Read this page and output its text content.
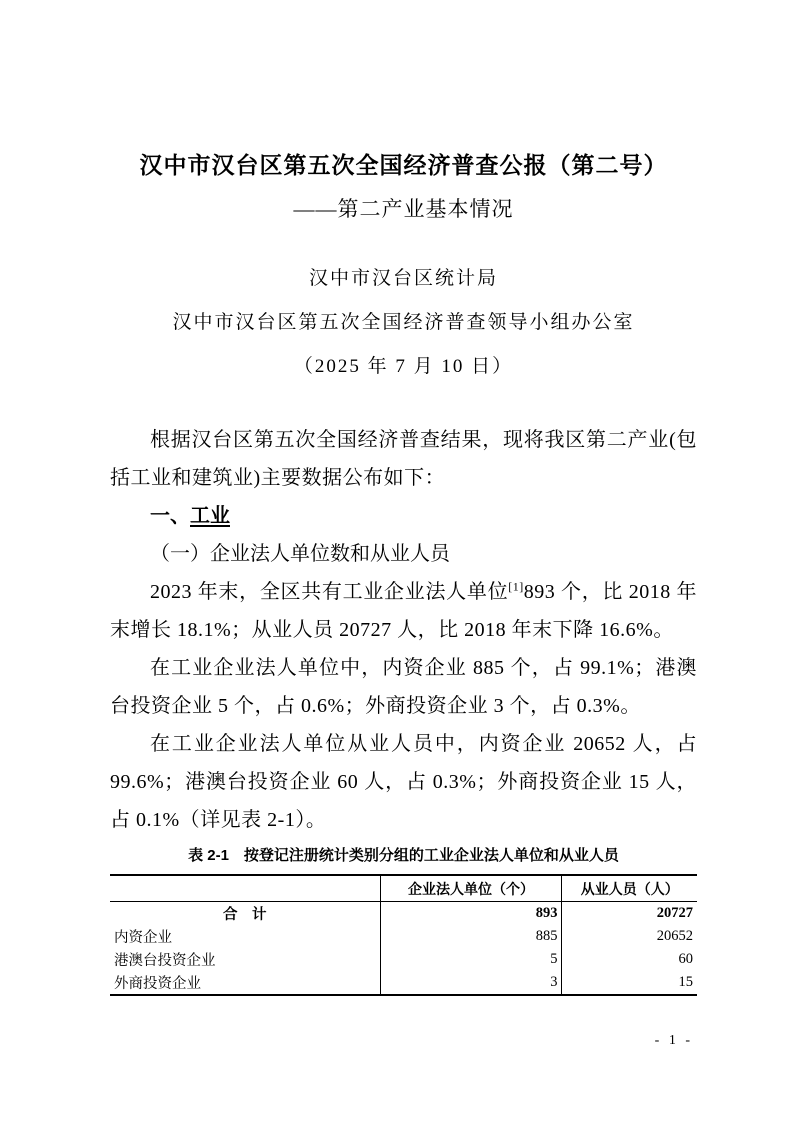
汉中市汉台区第五次全国经济普查公报（第二号）
——第二产业基本情况
汉中市汉台区统计局
汉中市汉台区第五次全国经济普查领导小组办公室
（2025 年 7 月 10 日）

根据汉台区第五次全国经济普查结果，现将我区第二产业(包括工业和建筑业)主要数据公布如下：

一、工业
（一）企业法人单位数和从业人员

2023 年末，全区共有工业企业法人单位[1]893 个，比 2018 年末增长 18.1%；从业人员 20727 人，比 2018 年末下降 16.6%。

在工业企业法人单位中，内资企业 885 个，占 99.1%；港澳台投资企业 5 个，占 0.6%；外商投资企业 3 个，占 0.3%。

在工业企业法人单位从业人员中，内资企业 20652 人，占 99.6%；港澳台投资企业 60 人，占 0.3%；外商投资企业 15 人，占 0.1%（详见表 2-1）。

表 2-1　按登记注册统计类别分组的工业企业法人单位和从业人员
	企业法人单位（个）	从业人员（人）
合　计	893	20727
内资企业	885	20652
港澳台投资企业	5	60
外商投资企业	3	15
- 1 -
